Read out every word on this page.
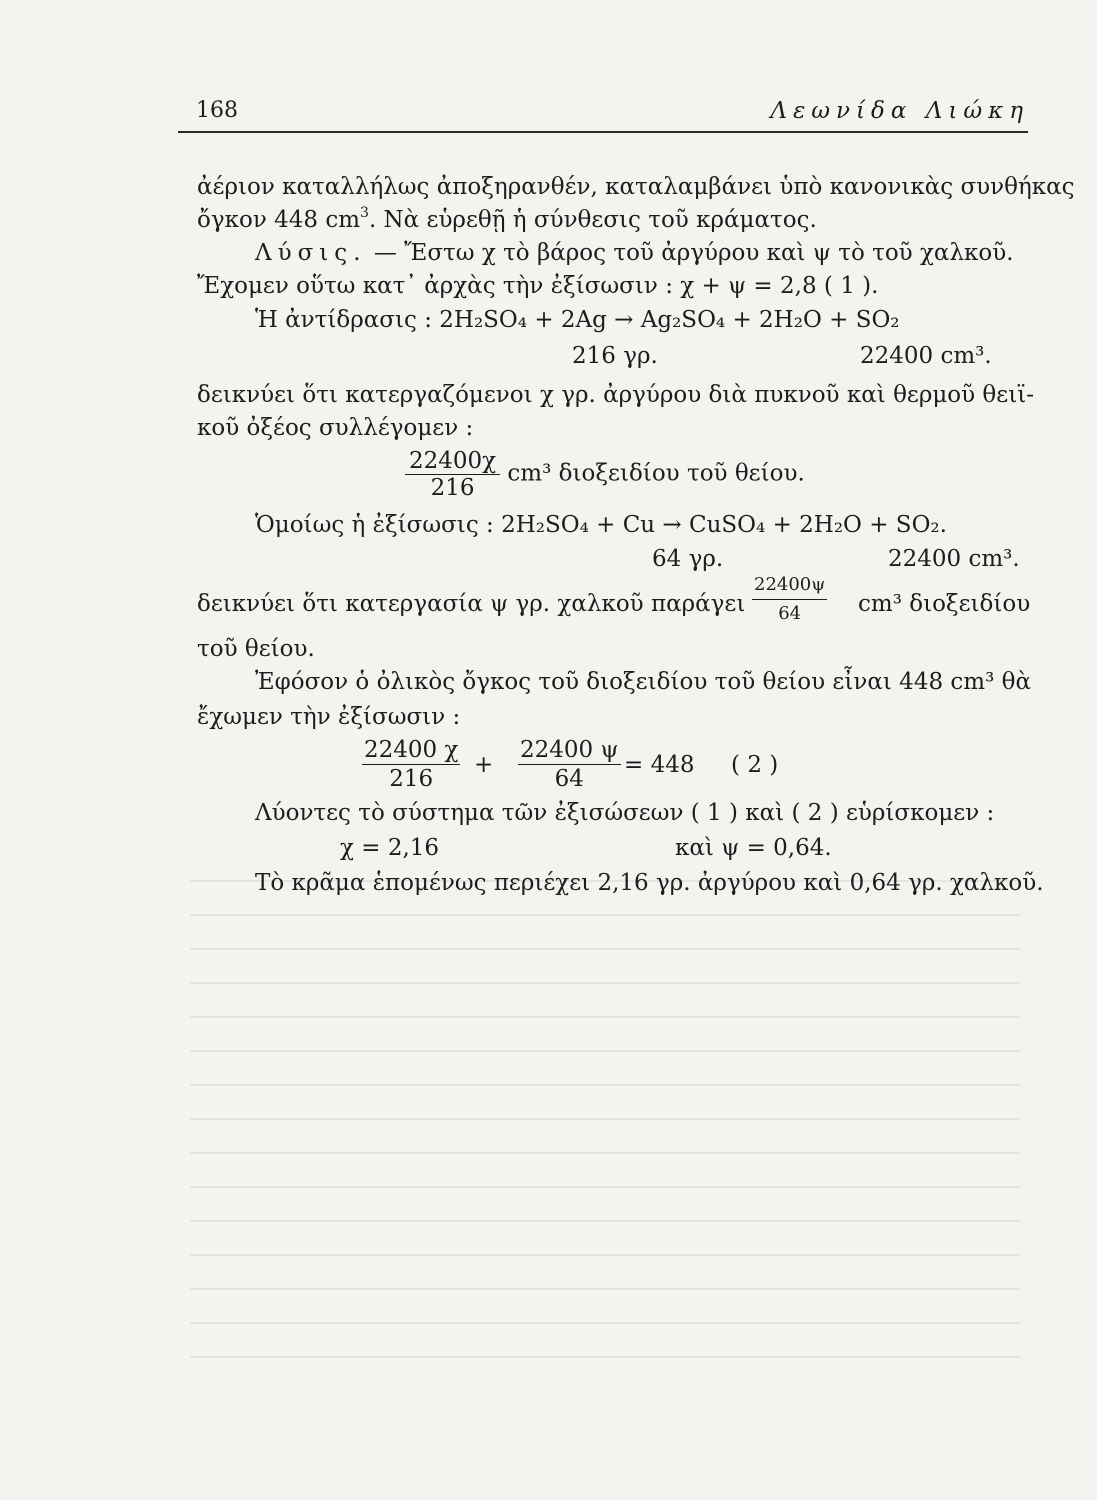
168	Λεωνίδα Λιώκη
ἀέριον καταλλήλως ἀποξηρανθέν, καταλαμβάνει ὑπὸ κανονικὰς συνθήκας
ὄγκον 448 $cm^3$. Νὰ εὑρεθῇ ἡ σύνθεσις τοῦ κράματος.
Λύσις. — Ἔστω χ τὸ βάρος τοῦ ἀργύρου καὶ ψ τὸ τοῦ χαλκοῦ.
Ἔχομεν οὕτω κατ᾽ ἀρχὰς τὴν ἐξίσωσιν : χ + ψ = 2,8 ( 1 ).
Ἡ ἀντίδρασις : 2H₂SO₄ + 2Ag → Ag₂SO₄ + 2H₂O + SO₂
216 γρ.	22400 cm³.
δεικνύει ὅτι κατεργαζόμενοι χ γρ. ἀργύρου διὰ πυκνοῦ καὶ θερμοῦ θειϊ-
κοῦ ὀξέος συλλέγομεν :
$\frac{22400\chi}{216} cm^3$ διοξειδίου τοῦ θείου.
Ὁμοίως ἡ ἐξίσωσις : 2H₂SO₄ + Cu → CuSO₄ + 2H₂O + SO₂.
64 γρ.	22400 cm³.
δεικνύει ὅτι κατεργασία ψ γρ. χαλκοῦ παράγει $\frac{22400\psi}{64} cm^3$ διοξειδίου
τοῦ θείου.
Ἐφόσον ὁ ὀλικὸς ὄγκος τοῦ διοξειδίου τοῦ θείου εἶναι 448 cm³ θὰ
ἔχωμεν τὴν ἐξίσωσιν :
$\frac{22400 \chi}{216} + \frac{22400 \psi}{64} = 448$     ( 2 )
Λύοντες τὸ σύστημα τῶν ἐξισώσεων ( 1 ) καὶ ( 2 ) εὑρίσκομεν :
χ = 2,16	καὶ ψ = 0,64.
Τὸ κρᾶμα ἑπομένως περιέχει 2,16 γρ. ἀργύρου καὶ 0,64 γρ. χαλκοῦ.
